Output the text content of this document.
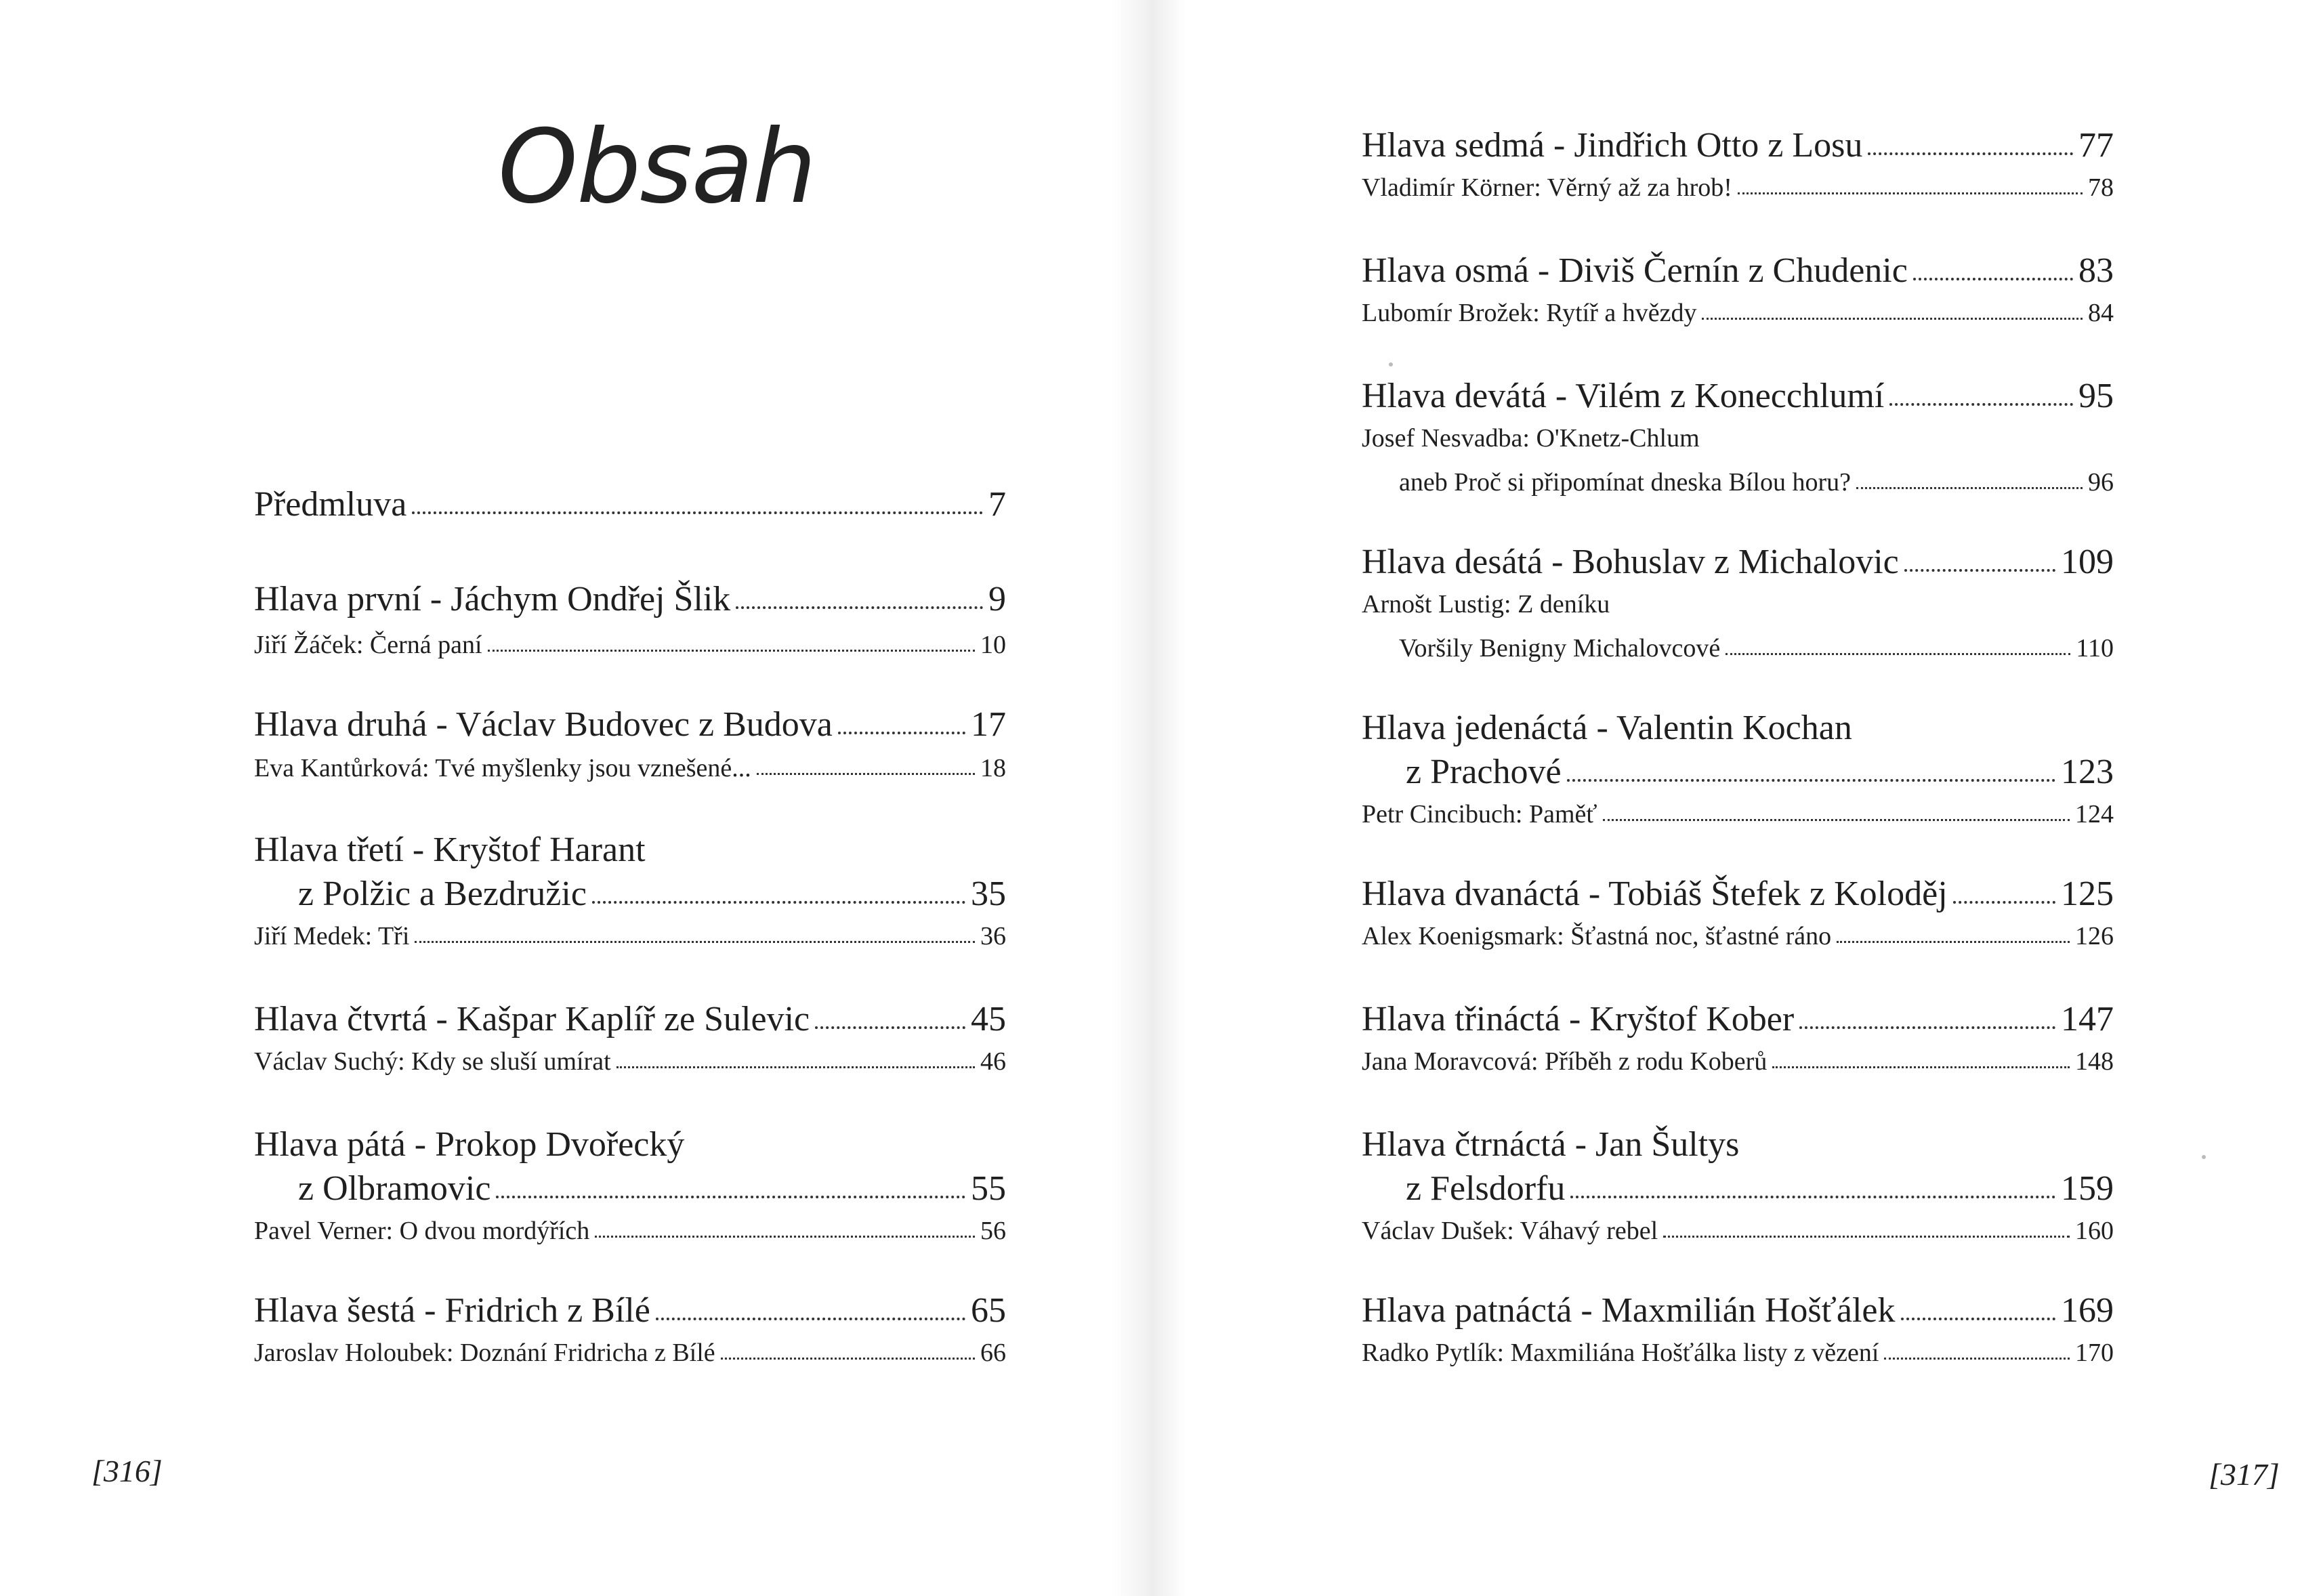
Obsah
Předmluva	7
Hlava první - Jáchym Ondřej Šlik	9
Jiří Žáček: Černá paní	10
Hlava druhá - Václav Budovec z Budova	17
Eva Kantůrková: Tvé myšlenky jsou vznešené...	18
Hlava třetí - Kryštof Harant
z Polžic a Bezdružic	35
Jiří Medek: Tři	36
Hlava čtvrtá - Kašpar Kaplíř ze Sulevic	45
Václav Suchý: Kdy se sluší umírat	46
Hlava pátá - Prokop Dvořecký
z Olbramovic	55
Pavel Verner: O dvou mordýřích	56
Hlava šestá - Fridrich z Bílé	65
Jaroslav Holoubek: Doznání Fridricha z Bílé	66
[316]
Hlava sedmá - Jindřich Otto z Losu	77
Vladimír Körner: Věrný až za hrob!	78
Hlava osmá - Diviš Černín z Chudenic	83
Lubomír Brožek: Rytíř a hvězdy	84
Hlava devátá - Vilém z Konecchlumí	95
Josef Nesvadba: O'Knetz-Chlum
aneb Proč si připomínat dneska Bílou horu?	96
Hlava desátá - Bohuslav z Michalovic	109
Arnošt Lustig: Z deníku
Voršily Benigny Michalovcové	110
Hlava jedenáctá - Valentin Kochan
z Prachové	123
Petr Cincibuch: Paměť	124
Hlava dvanáctá - Tobiáš Štefek z Koloděj	125
Alex Koenigsmark: Šťastná noc, šťastné ráno	126
Hlava třináctá - Kryštof Kober	147
Jana Moravcová: Příběh z rodu Koberů	148
Hlava čtrnáctá - Jan Šultys
z Felsdorfu	159
Václav Dušek: Váhavý rebel	160
Hlava patnáctá - Maxmilián Hošťálek	169
Radko Pytlík: Maxmiliána Hošťálka listy z vězení	170
[317]
